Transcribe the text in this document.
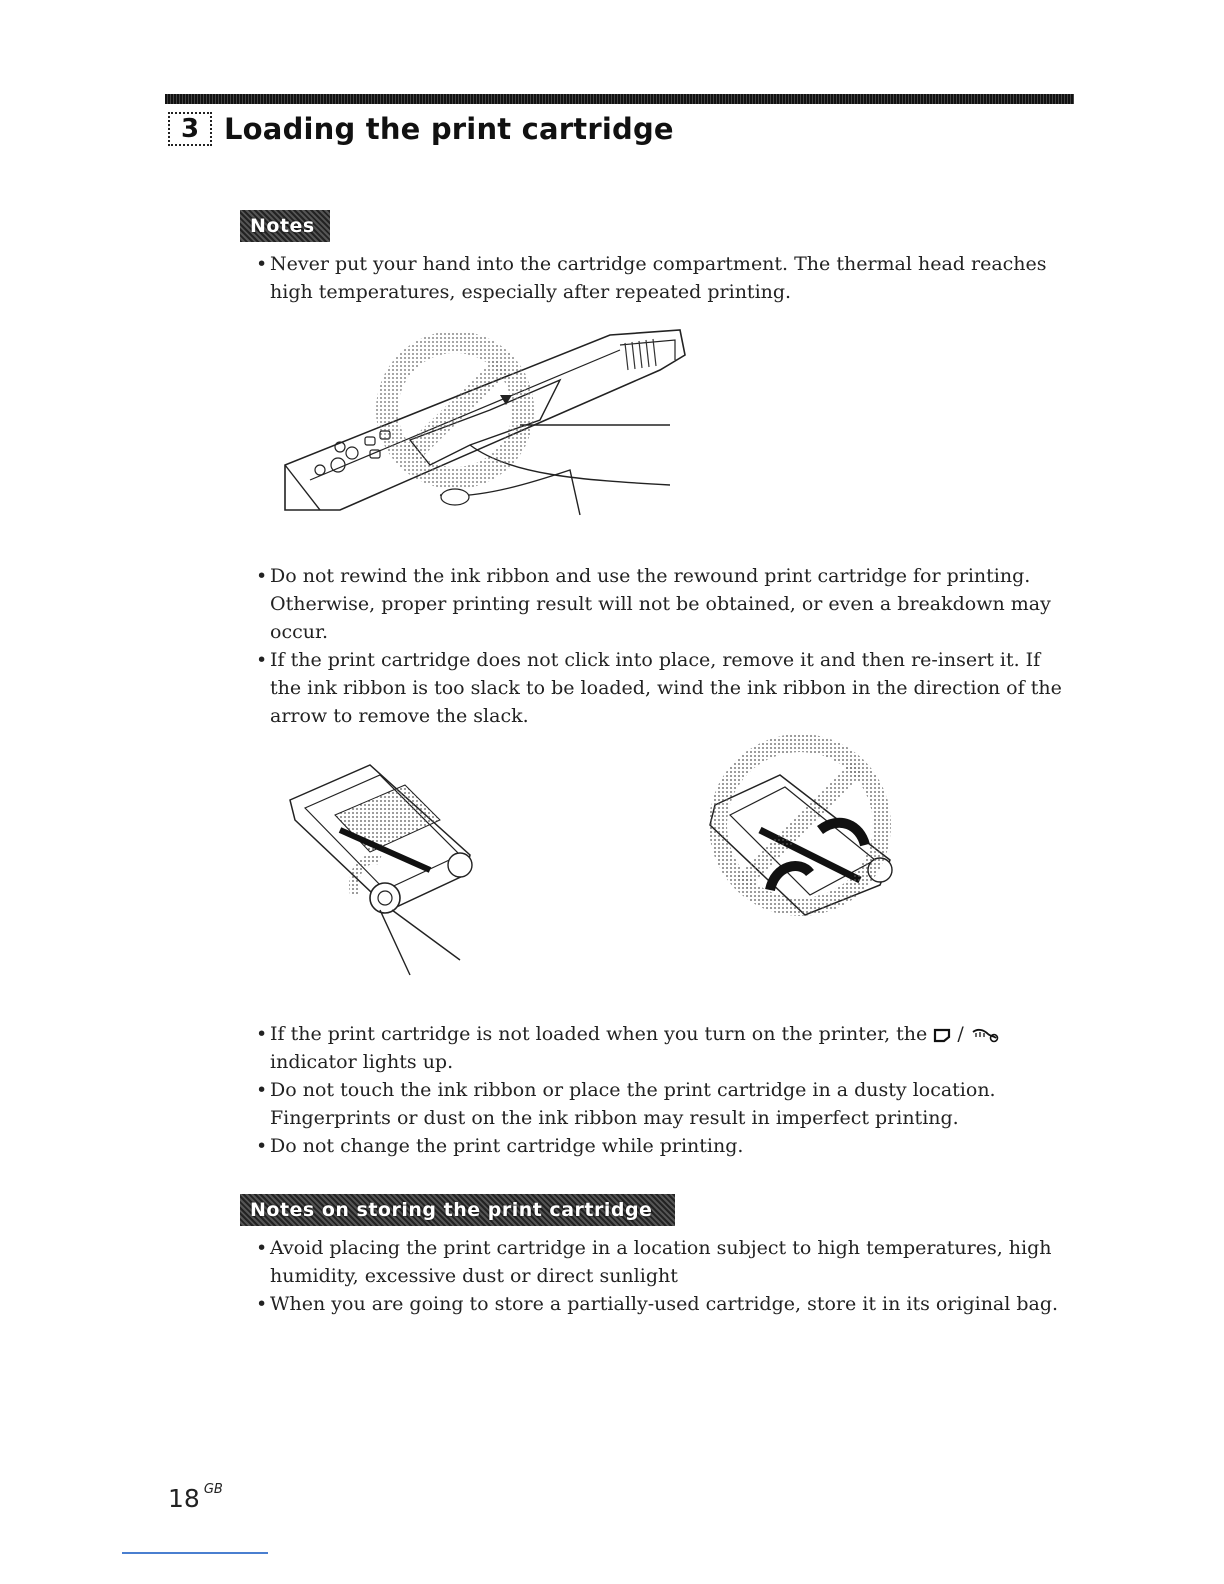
3 Loading the print cartridge
Notes
• Never put your hand into the cartridge compartment. The thermal head reaches high temperatures, especially after repeated printing.
• Do not rewind the ink ribbon and use the rewound print cartridge for printing. Otherwise, proper printing result will not be obtained, or even a breakdown may occur.
• If the print cartridge does not click into place, remove it and then re-insert it. If the ink ribbon is too slack to be loaded, wind the ink ribbon in the direction of the arrow to remove the slack.
• If the print cartridge is not loaded when you turn on the printer, the /
indicator lights up.
• Do not touch the ink ribbon or place the print cartridge in a dusty location. Fingerprints or dust on the ink ribbon may result in imperfect printing.
• Do not change the print cartridge while printing.
Notes on storing the print cartridge
• Avoid placing the print cartridge in a location subject to high temperatures, high humidity, excessive dust or direct sunlight
• When you are going to store a partially-used cartridge, store it in its original bag.
18 $^{GB}$
